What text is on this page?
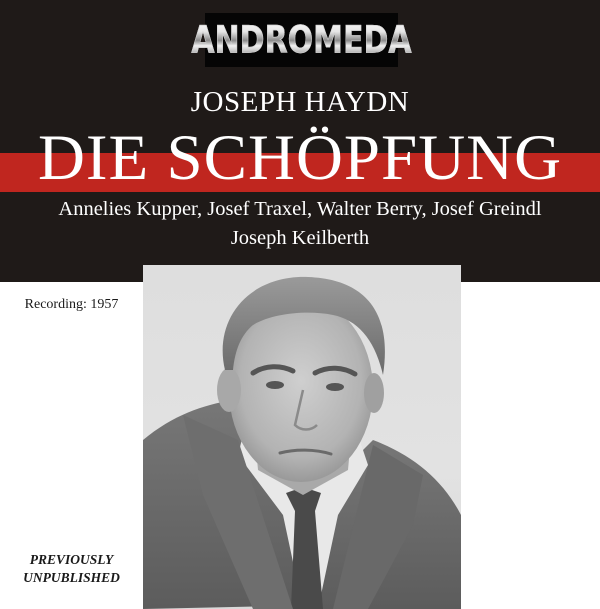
ANDROMEDA
JOSEPH HAYDN
DIE SCHÖPFUNG
Annelies Kupper, Josef Traxel, Walter Berry, Josef Greindl
Joseph Keilberth
Recording: 1957
PREVIOUSLY
UNPUBLISHED
